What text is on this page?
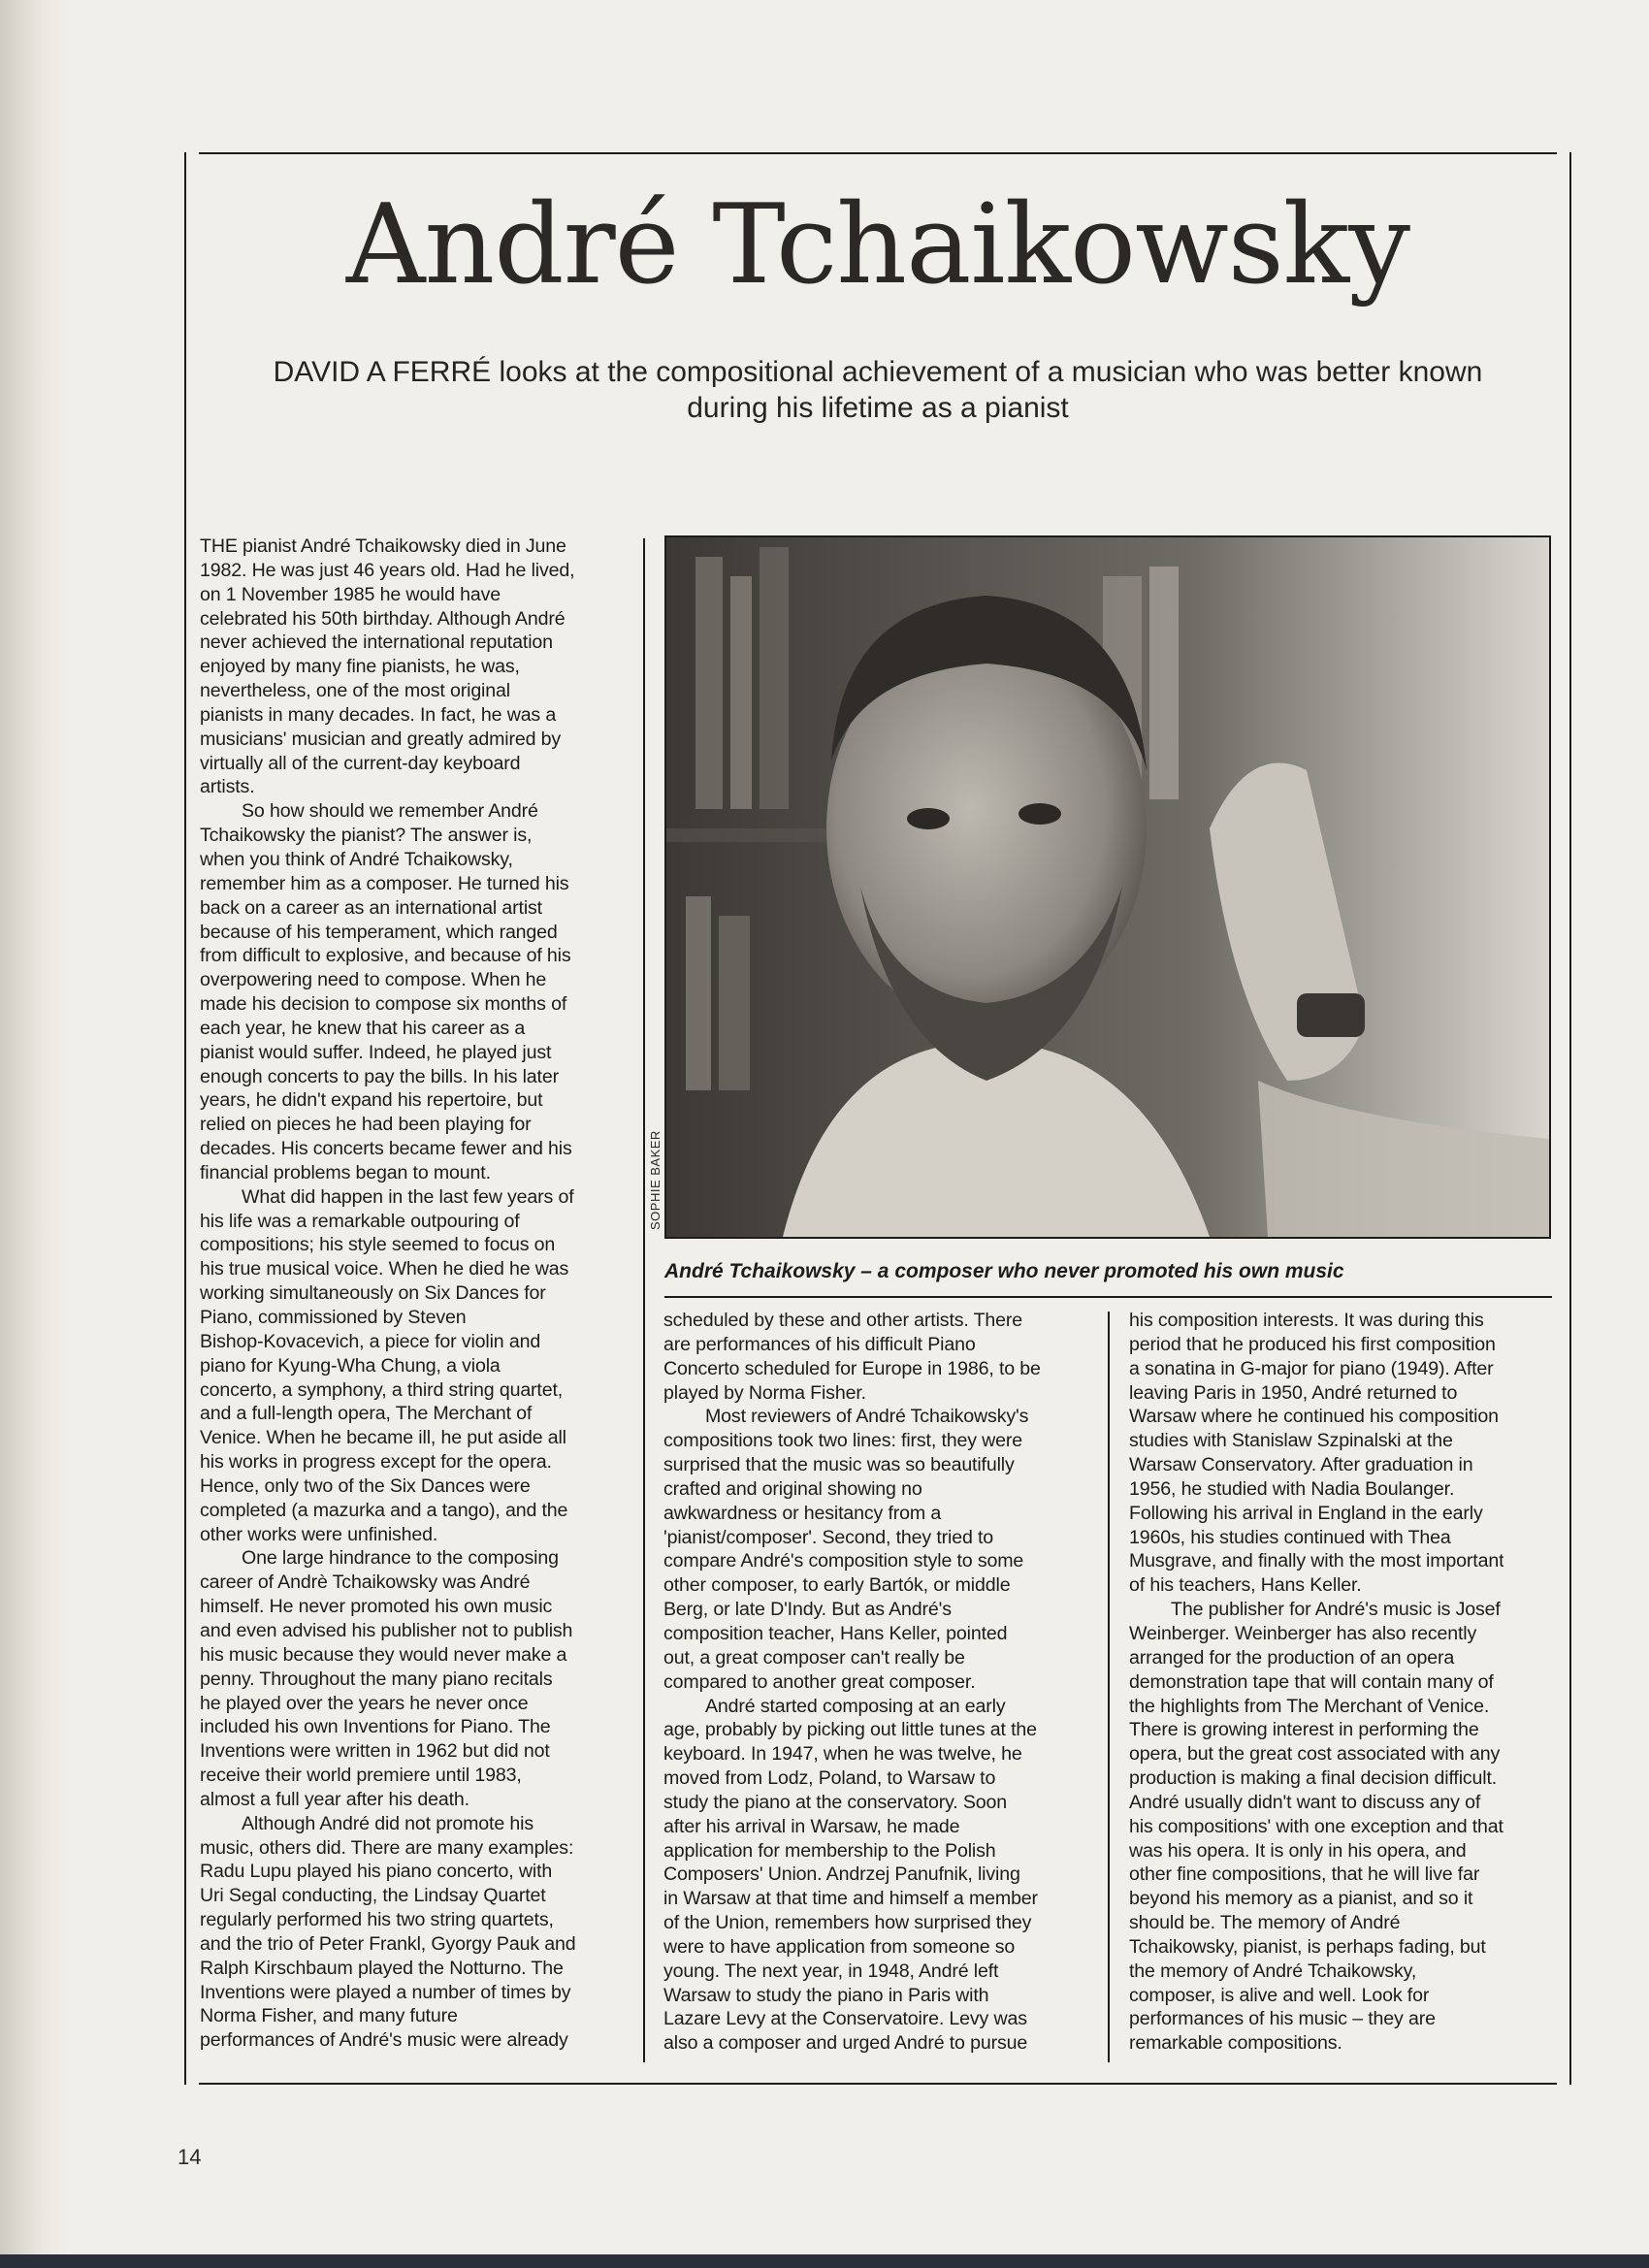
André Tchaikowsky
DAVID A FERRÉ looks at the compositional achievement of a musician who was better known
during his lifetime as a pianist
THE pianist André Tchaikowsky died in June
1982. He was just 46 years old. Had he lived,
on 1 November 1985 he would have
celebrated his 50th birthday. Although André
never achieved the international reputation
enjoyed by many fine pianists, he was,
nevertheless, one of the most original
pianists in many decades. In fact, he was a
musicians' musician and greatly admired by
virtually all of the current-day keyboard
artists.
So how should we remember André
Tchaikowsky the pianist? The answer is,
when you think of André Tchaikowsky,
remember him as a composer. He turned his
back on a career as an international artist
because of his temperament, which ranged
from difficult to explosive, and because of his
overpowering need to compose. When he
made his decision to compose six months of
each year, he knew that his career as a
pianist would suffer. Indeed, he played just
enough concerts to pay the bills. In his later
years, he didn't expand his repertoire, but
relied on pieces he had been playing for
decades. His concerts became fewer and his
financial problems began to mount.
What did happen in the last few years of
his life was a remarkable outpouring of
compositions; his style seemed to focus on
his true musical voice. When he died he was
working simultaneously on Six Dances for
Piano, commissioned by Steven
Bishop-Kovacevich, a piece for violin and
piano for Kyung-Wha Chung, a viola
concerto, a symphony, a third string quartet,
and a full-length opera, The Merchant of
Venice. When he became ill, he put aside all
his works in progress except for the opera.
Hence, only two of the Six Dances were
completed (a mazurka and a tango), and the
other works were unfinished.
One large hindrance to the composing
career of Andrè Tchaikowsky was André
himself. He never promoted his own music
and even advised his publisher not to publish
his music because they would never make a
penny. Throughout the many piano recitals
he played over the years he never once
included his own Inventions for Piano. The
Inventions were written in 1962 but did not
receive their world premiere until 1983,
almost a full year after his death.
Although André did not promote his
music, others did. There are many examples:
Radu Lupu played his piano concerto, with
Uri Segal conducting, the Lindsay Quartet
regularly performed his two string quartets,
and the trio of Peter Frankl, Gyorgy Pauk and
Ralph Kirschbaum played the Notturno. The
Inventions were played a number of times by
Norma Fisher, and many future
performances of André's music were already
SOPHIE BAKER
André Tchaikowsky – a composer who never promoted his own music
scheduled by these and other artists. There
are performances of his difficult Piano
Concerto scheduled for Europe in 1986, to be
played by Norma Fisher.
Most reviewers of André Tchaikowsky's
compositions took two lines: first, they were
surprised that the music was so beautifully
crafted and original showing no
awkwardness or hesitancy from a
'pianist/composer'. Second, they tried to
compare André's composition style to some
other composer, to early Bartók, or middle
Berg, or late D'Indy. But as André's
composition teacher, Hans Keller, pointed
out, a great composer can't really be
compared to another great composer.
André started composing at an early
age, probably by picking out little tunes at the
keyboard. In 1947, when he was twelve, he
moved from Lodz, Poland, to Warsaw to
study the piano at the conservatory. Soon
after his arrival in Warsaw, he made
application for membership to the Polish
Composers' Union. Andrzej Panufnik, living
in Warsaw at that time and himself a member
of the Union, remembers how surprised they
were to have application from someone so
young. The next year, in 1948, André left
Warsaw to study the piano in Paris with
Lazare Levy at the Conservatoire. Levy was
also a composer and urged André to pursue
his composition interests. It was during this
period that he produced his first composition
a sonatina in G-major for piano (1949). After
leaving Paris in 1950, André returned to
Warsaw where he continued his composition
studies with Stanislaw Szpinalski at the
Warsaw Conservatory. After graduation in
1956, he studied with Nadia Boulanger.
Following his arrival in England in the early
1960s, his studies continued with Thea
Musgrave, and finally with the most important
of his teachers, Hans Keller.
The publisher for André's music is Josef
Weinberger. Weinberger has also recently
arranged for the production of an opera
demonstration tape that will contain many of
the highlights from The Merchant of Venice.
There is growing interest in performing the
opera, but the great cost associated with any
production is making a final decision difficult.
André usually didn't want to discuss any of
his compositions' with one exception and that
was his opera. It is only in his opera, and
other fine compositions, that he will live far
beyond his memory as a pianist, and so it
should be. The memory of André
Tchaikowsky, pianist, is perhaps fading, but
the memory of André Tchaikowsky,
composer, is alive and well. Look for
performances of his music – they are
remarkable compositions.
14
